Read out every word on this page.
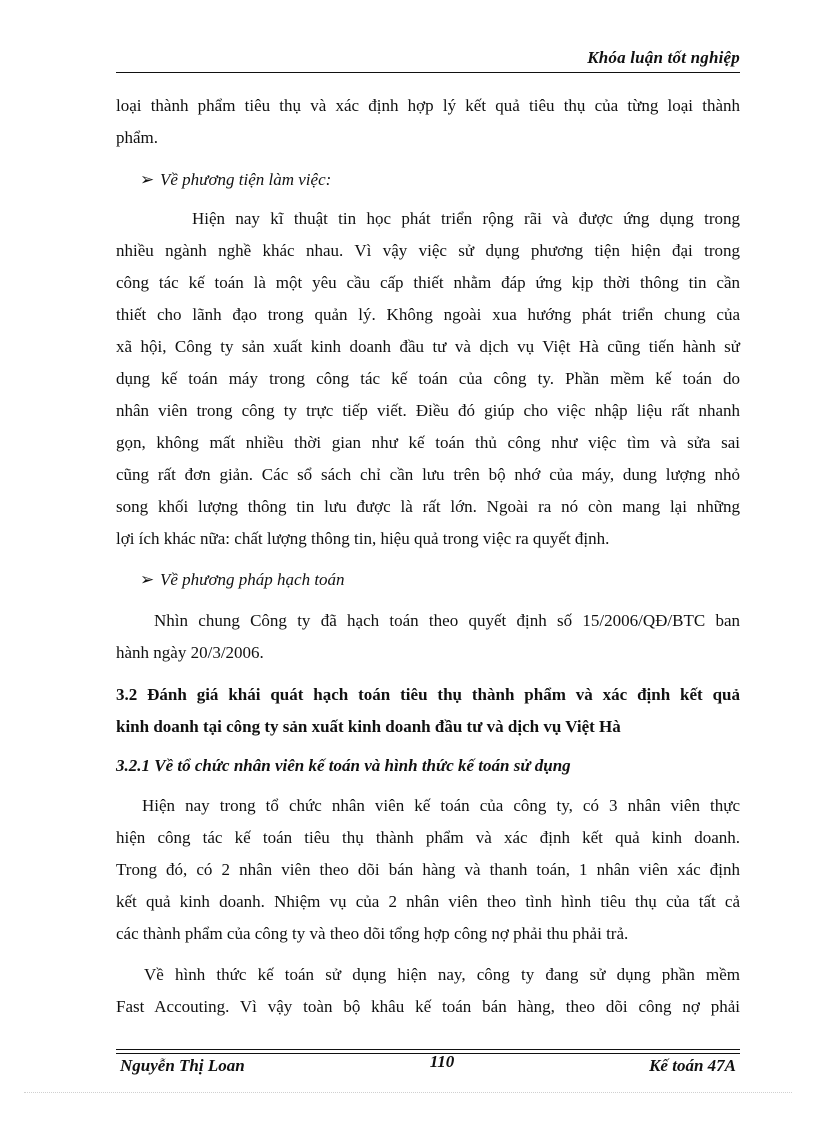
Khóa luận tốt nghiệp
loại thành phẩm tiêu thụ và xác định hợp lý kết quả tiêu thụ của từng loại thành
phẩm.
➢ Về phương tiện làm việc:
Hiện nay kĩ thuật tin học phát triển rộng rãi và được ứng dụng trong
nhiều ngành nghề khác nhau. Vì vậy việc sử dụng phương tiện hiện đại trong
công tác kế toán là một yêu cầu cấp thiết nhằm đáp ứng kịp thời thông tin cần
thiết cho lãnh đạo trong quản lý. Không ngoài xua hướng phát triển chung của
xã hội, Công ty sản xuất kinh doanh đầu tư và dịch vụ Việt Hà cũng tiến hành sử
dụng kế toán máy trong công tác kế toán của công ty. Phần mềm kế toán do
nhân viên trong công ty trực tiếp viết. Điều đó giúp cho việc nhập liệu rất nhanh
gọn, không mất nhiều thời gian như kế toán thủ công như việc tìm và sửa sai
cũng rất đơn giản. Các sổ sách chỉ cần lưu trên bộ nhớ của máy, dung lượng nhỏ
song khối lượng thông tin lưu được là rất lớn. Ngoài ra nó còn mang lại những
lợi ích khác nữa: chất lượng thông tin, hiệu quả trong việc ra quyết định.
➢ Về phương pháp hạch toán
Nhìn chung Công ty đã hạch toán theo quyết định số 15/2006/QĐ/BTC ban
hành ngày 20/3/2006.
3.2 Đánh giá khái quát hạch toán tiêu thụ thành phẩm và xác định kết quả
kinh doanh tại công ty sản xuất kinh doanh đầu tư và dịch vụ Việt Hà
3.2.1 Về tổ chức nhân viên kế toán và hình thức kế toán sử dụng
Hiện nay trong tổ chức nhân viên kế toán của công ty, có 3 nhân viên thực
hiện công tác kế toán tiêu thụ thành phẩm và xác định kết quả kinh doanh.
Trong đó, có 2 nhân viên theo dõi bán hàng và thanh toán, 1 nhân viên xác định
kết quả kinh doanh. Nhiệm vụ của 2 nhân viên theo tình hình tiêu thụ của tất cả
các thành phẩm của công ty và theo dõi tổng hợp công nợ phải thu phải trả.
Về hình thức kế toán sử dụng hiện nay, công ty đang sử dụng phần mềm
Fast Accouting. Vì vậy toàn bộ khâu kế toán bán hàng, theo dõi công nợ phải
Nguyễn Thị Loan	110	Kế toán 47A
